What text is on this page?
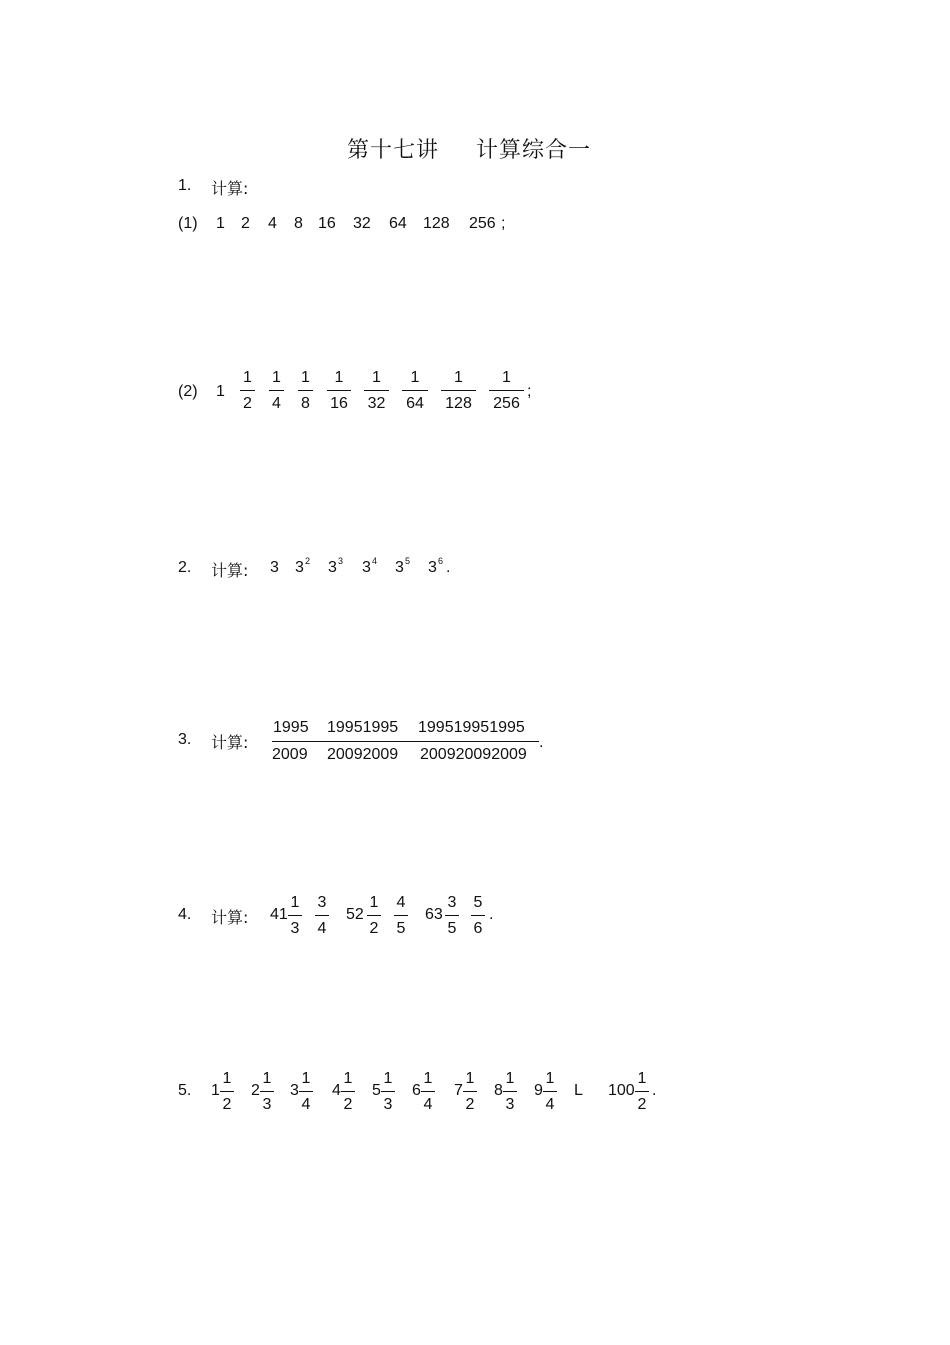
第十七讲 计算综合一
1. 计算:
(1) 1 2 4 8 16 32 64 128 256 ;
(2) 1
1
2
1
4
1
8
1
16
1
32
1
64
1
128
1
256
;
2. 计算: 3 3 2 3 3 3 4 3 5 3 6 .
3. 计算:
1995 19951995 199519951995
2009 20092009 200920092009
.
4. 计算: 41
1
3
3
4
52
1
2
4
5
63
3
5
5
6
.
5. 1
1
2
2
1
3
3
1
4
4
1
2
5
1
3
6
1
4
7
1
2
8
1
3
9
1
4
L 100
1
2
.
